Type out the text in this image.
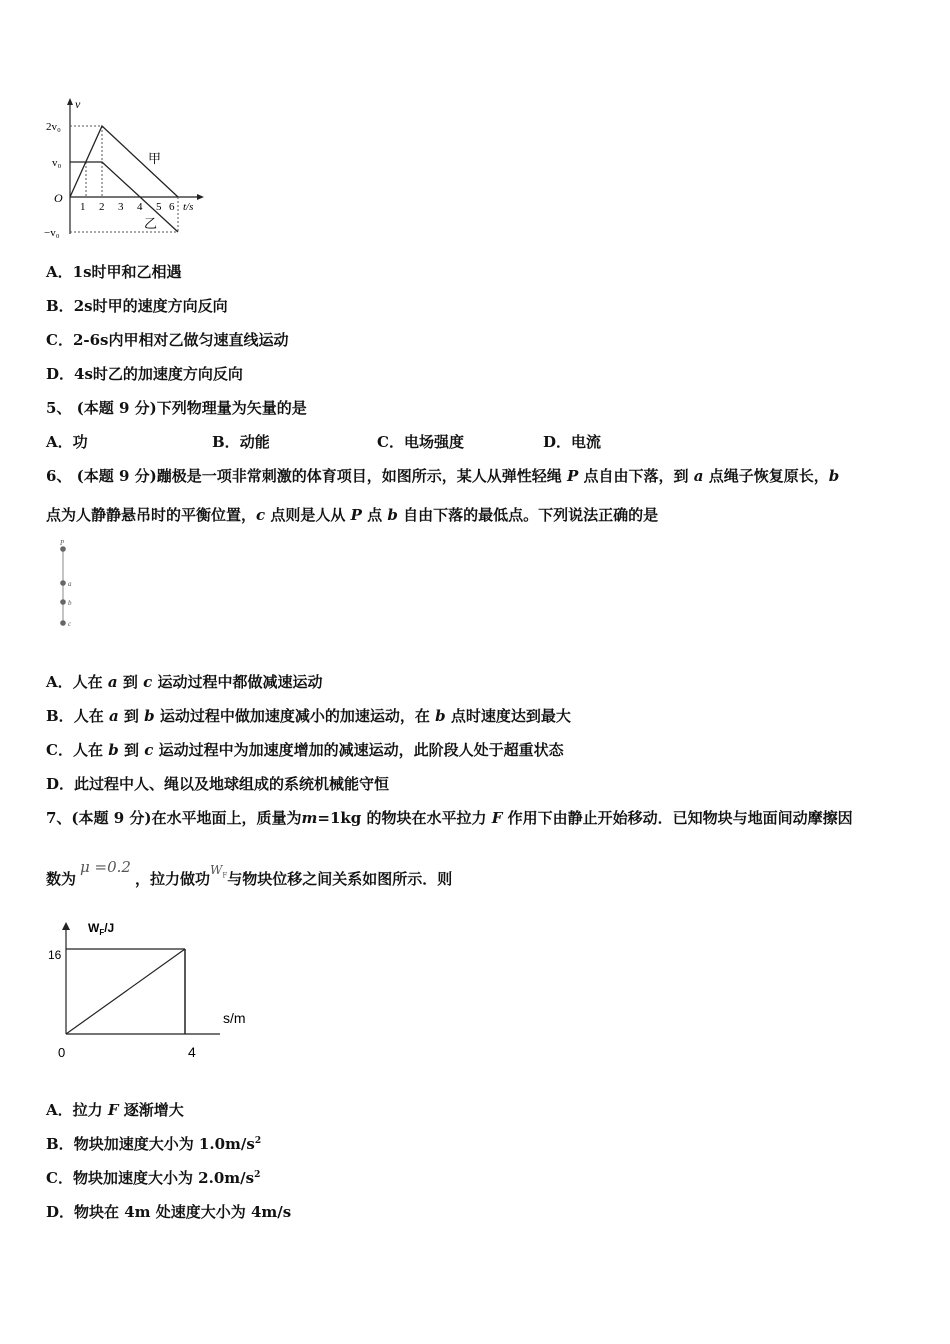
v
t/s
O
2v₀
v₀
−v₀
1 2 3 4 5 6
甲
乙
A．1s时甲和乙相遇
B．2s时甲的速度方向反向
C．2-6s内甲相对乙做匀速直线运动
D．4s时乙的加速度方向反向
5、 (本题 9 分)下列物理量为矢量的是
A．功	B．动能	C．电场强度	D．电流
6、 (本题 9 分)蹦极是一项非常刺激的体育项目，如图所示，某人从弹性轻绳 P 点自由下落，到 a 点绳子恢复原长，b
点为人静静悬吊时的平衡位置，c 点则是人从 P 点 b 自由下落的最低点。下列说法正确的是
P
a
b
c
A．人在 a 到 c 运动过程中都做减速运动
B．人在 a 到 b 运动过程中做加速度减小的加速运动，在 b 点时速度达到最大
C．人在 b 到 c 运动过程中为加速度增加的减速运动，此阶段人处于超重状态
D．此过程中人、绳以及地球组成的系统机械能守恒
7、(本题 9 分)在水平地面上，质量为m=1kg 的物块在水平拉力 F 作用下由静止开始移动．已知物块与地面间动摩擦因
数为μ =0.2，拉力做功$^{W_F}$与物块位移之间关系如图所示．则
$W_F/J$
16
s/m
4
0
A．拉力 F 逐渐增大
B．物块加速度大小为 $1.0m/s^2$
C．物块加速度大小为 $2.0m/s^2$
D．物块在 4m 处速度大小为 4m/s
